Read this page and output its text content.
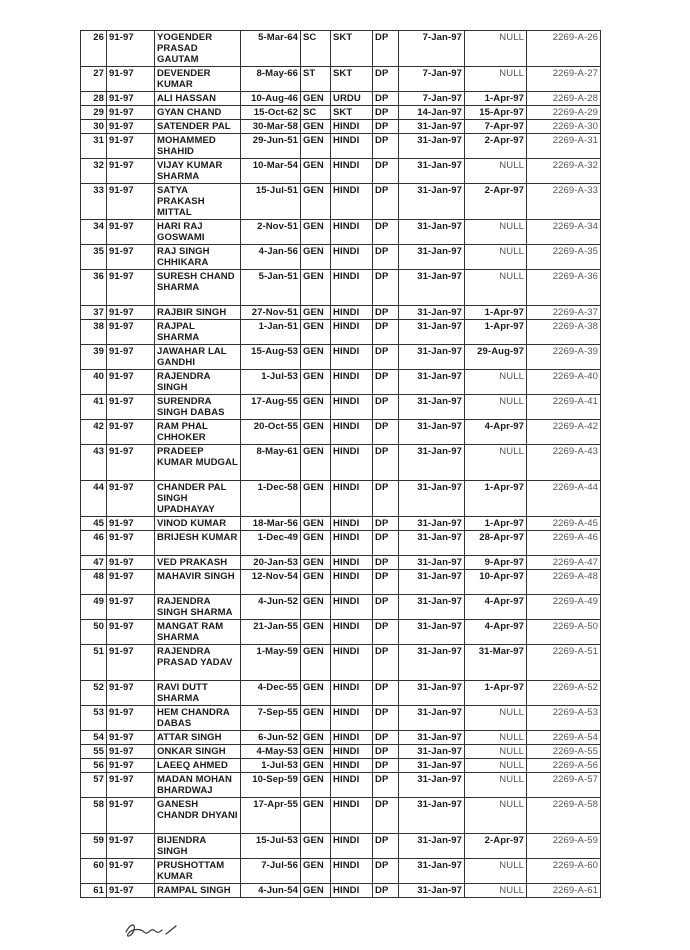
26	91-97	YOGENDER PRASAD GAUTAM	5-Mar-64	SC	SKT	DP	7-Jan-97	NULL	2269-A-26
27	91-97	DEVENDER KUMAR	8-May-66	ST	SKT	DP	7-Jan-97	NULL	2269-A-27
28	91-97	ALI HASSAN	10-Aug-46	GEN	URDU	DP	7-Jan-97	1-Apr-97	2269-A-28
29	91-97	GYAN CHAND	15-Oct-62	SC	SKT	DP	14-Jan-97	15-Apr-97	2269-A-29
30	91-97	SATENDER PAL	30-Mar-58	GEN	HINDI	DP	31-Jan-97	7-Apr-97	2269-A-30
31	91-97	MOHAMMED SHAHID	29-Jun-51	GEN	HINDI	DP	31-Jan-97	2-Apr-97	2269-A-31
32	91-97	VIJAY KUMAR SHARMA	10-Mar-54	GEN	HINDI	DP	31-Jan-97	NULL	2269-A-32
33	91-97	SATYA PRAKASH MITTAL	15-Jul-51	GEN	HINDI	DP	31-Jan-97	2-Apr-97	2269-A-33
34	91-97	HARI RAJ GOSWAMI	2-Nov-51	GEN	HINDI	DP	31-Jan-97	NULL	2269-A-34
35	91-97	RAJ SINGH CHHIKARA	4-Jan-56	GEN	HINDI	DP	31-Jan-97	NULL	2269-A-35
36	91-97	SURESH CHAND SHARMA	5-Jan-51	GEN	HINDI	DP	31-Jan-97	NULL	2269-A-36
37	91-97	RAJBIR SINGH	27-Nov-51	GEN	HINDI	DP	31-Jan-97	1-Apr-97	2269-A-37
38	91-97	RAJPAL SHARMA	1-Jan-51	GEN	HINDI	DP	31-Jan-97	1-Apr-97	2269-A-38
39	91-97	JAWAHAR LAL GANDHI	15-Aug-53	GEN	HINDI	DP	31-Jan-97	29-Aug-97	2269-A-39
40	91-97	RAJENDRA SINGH	1-Jul-53	GEN	HINDI	DP	31-Jan-97	NULL	2269-A-40
41	91-97	SURENDRA SINGH DABAS	17-Aug-55	GEN	HINDI	DP	31-Jan-97	NULL	2269-A-41
42	91-97	RAM PHAL CHHOKER	20-Oct-55	GEN	HINDI	DP	31-Jan-97	4-Apr-97	2269-A-42
43	91-97	PRADEEP KUMAR MUDGAL	8-May-61	GEN	HINDI	DP	31-Jan-97	NULL	2269-A-43
44	91-97	CHANDER PAL SINGH UPADHAYAY	1-Dec-58	GEN	HINDI	DP	31-Jan-97	1-Apr-97	2269-A-44
45	91-97	VINOD KUMAR	18-Mar-56	GEN	HINDI	DP	31-Jan-97	1-Apr-97	2269-A-45
46	91-97	BRIJESH KUMAR	1-Dec-49	GEN	HINDI	DP	31-Jan-97	28-Apr-97	2269-A-46
47	91-97	VED PRAKASH	20-Jan-53	GEN	HINDI	DP	31-Jan-97	9-Apr-97	2269-A-47
48	91-97	MAHAVIR SINGH	12-Nov-54	GEN	HINDI	DP	31-Jan-97	10-Apr-97	2269-A-48
49	91-97	RAJENDRA SINGH SHARMA	4-Jun-52	GEN	HINDI	DP	31-Jan-97	4-Apr-97	2269-A-49
50	91-97	MANGAT RAM SHARMA	21-Jan-55	GEN	HINDI	DP	31-Jan-97	4-Apr-97	2269-A-50
51	91-97	RAJENDRA PRASAD YADAV	1-May-59	GEN	HINDI	DP	31-Jan-97	31-Mar-97	2269-A-51
52	91-97	RAVI DUTT SHARMA	4-Dec-55	GEN	HINDI	DP	31-Jan-97	1-Apr-97	2269-A-52
53	91-97	HEM CHANDRA DABAS	7-Sep-55	GEN	HINDI	DP	31-Jan-97	NULL	2269-A-53
54	91-97	ATTAR SINGH	6-Jun-52	GEN	HINDI	DP	31-Jan-97	NULL	2269-A-54
55	91-97	ONKAR SINGH	4-May-53	GEN	HINDI	DP	31-Jan-97	NULL	2269-A-55
56	91-97	LAEEQ AHMED	1-Jul-53	GEN	HINDI	DP	31-Jan-97	NULL	2269-A-56
57	91-97	MADAN MOHAN BHARDWAJ	10-Sep-59	GEN	HINDI	DP	31-Jan-97	NULL	2269-A-57
58	91-97	GANESH CHANDR DHYANI	17-Apr-55	GEN	HINDI	DP	31-Jan-97	NULL	2269-A-58
59	91-97	BIJENDRA SINGH	15-Jul-53	GEN	HINDI	DP	31-Jan-97	2-Apr-97	2269-A-59
60	91-97	PRUSHOTTAM KUMAR	7-Jul-56	GEN	HINDI	DP	31-Jan-97	NULL	2269-A-60
61	91-97	RAMPAL SINGH	4-Jun-54	GEN	HINDI	DP	31-Jan-97	NULL	2269-A-61
